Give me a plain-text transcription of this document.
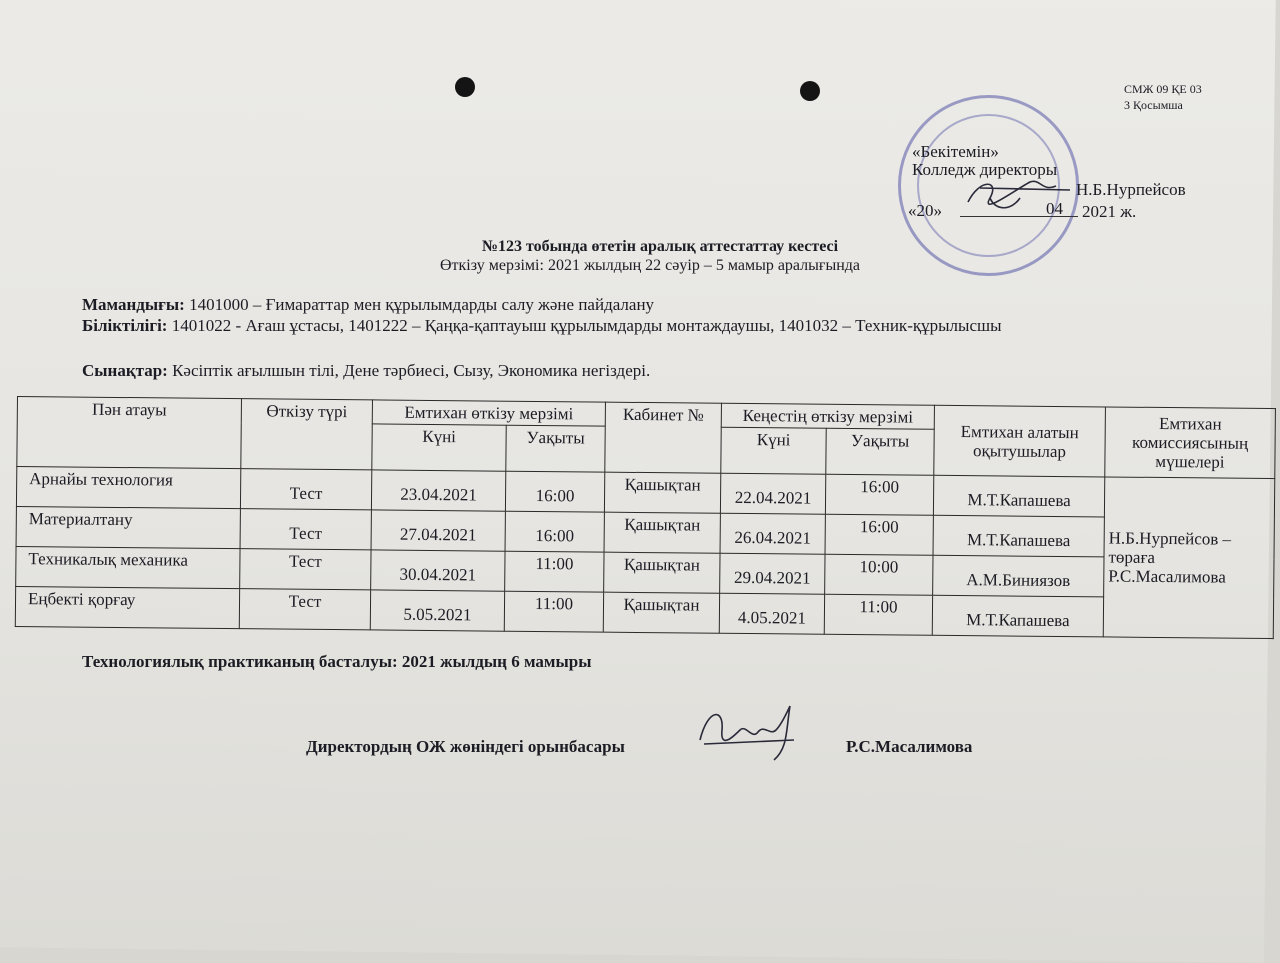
СМЖ 09 ҚЕ 03
3 Қосымша
«Бекітемін»
Колледж директоры
Н.Б.Нурпейсов
«20»	04 2021 ж.
№123 тобында өтетін аралық аттестаттау кестесі
Өткізу мерзімі: 2021 жылдың 22 сәуір – 5 мамыр аралығында
Мамандығы: 1401000 – Ғимараттар мен құрылымдарды салу және пайдалану
Біліктілігі: 1401022 - Ағаш ұстасы, 1401222 – Қаңқа-қаптауыш құрылымдарды монтаждаушы, 1401032 – Техник-құрылысшы
Сынақтар: Кәсіптік ағылшын тілі, Дене тәрбиесі, Сызу, Экономика негіздері.
Пән атауы	Өткізу түрі	Емтихан өткізу мерзімі		Кабинет №	Кеңестің өткізу мерзімі		Емтихан алатын оқытушылар	Емтихан комиссиясының мүшелері
		Күні	Уақыты		Күні	Уақыты		
Арнайы технология	Тест	23.04.2021	16:00	Қашықтан	22.04.2021	16:00	М.Т.Капашева	Н.Б.Нурпейсов – төраға Р.С.Масалимова
Материалтану	Тест	27.04.2021	16:00	Қашықтан	26.04.2021	16:00	М.Т.Капашева	

Техникалық механика	Тест	30.04.2021	11:00	Қашықтан	29.04.2021	10:00	А.М.Биниязов	

Еңбекті қорғау	Тест	5.05.2021	11:00	Қашықтан	4.05.2021	11:00	М.Т.Капашева	
Технологиялық практиканың басталуы: 2021 жылдың 6 мамыры
Директордың ОЖ жөніндегі орынбасары	Р.С.Масалимова
